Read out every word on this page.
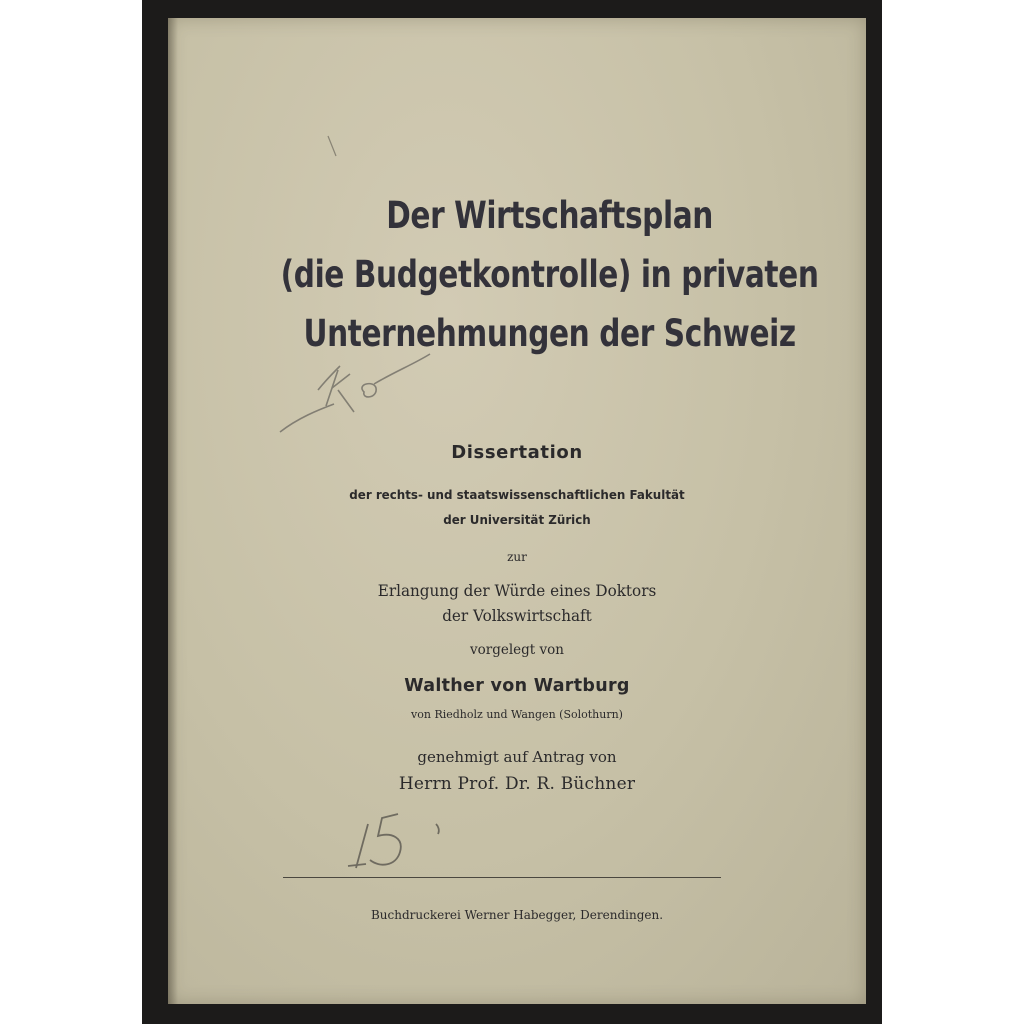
Der Wirtschaftsplan
(die Budgetkontrolle) in privaten
Unternehmungen der Schweiz
Dissertation
der rechts- und staatswissenschaftlichen Fakultät
der Universität Zürich
zur
Erlangung der Würde eines Doktors
der Volkswirtschaft
vorgelegt von
Walther von Wartburg
von Riedholz und Wangen (Solothurn)
genehmigt auf Antrag von
Herrn Prof. Dr. R. Büchner
Buchdruckerei Werner Habegger, Derendingen.
